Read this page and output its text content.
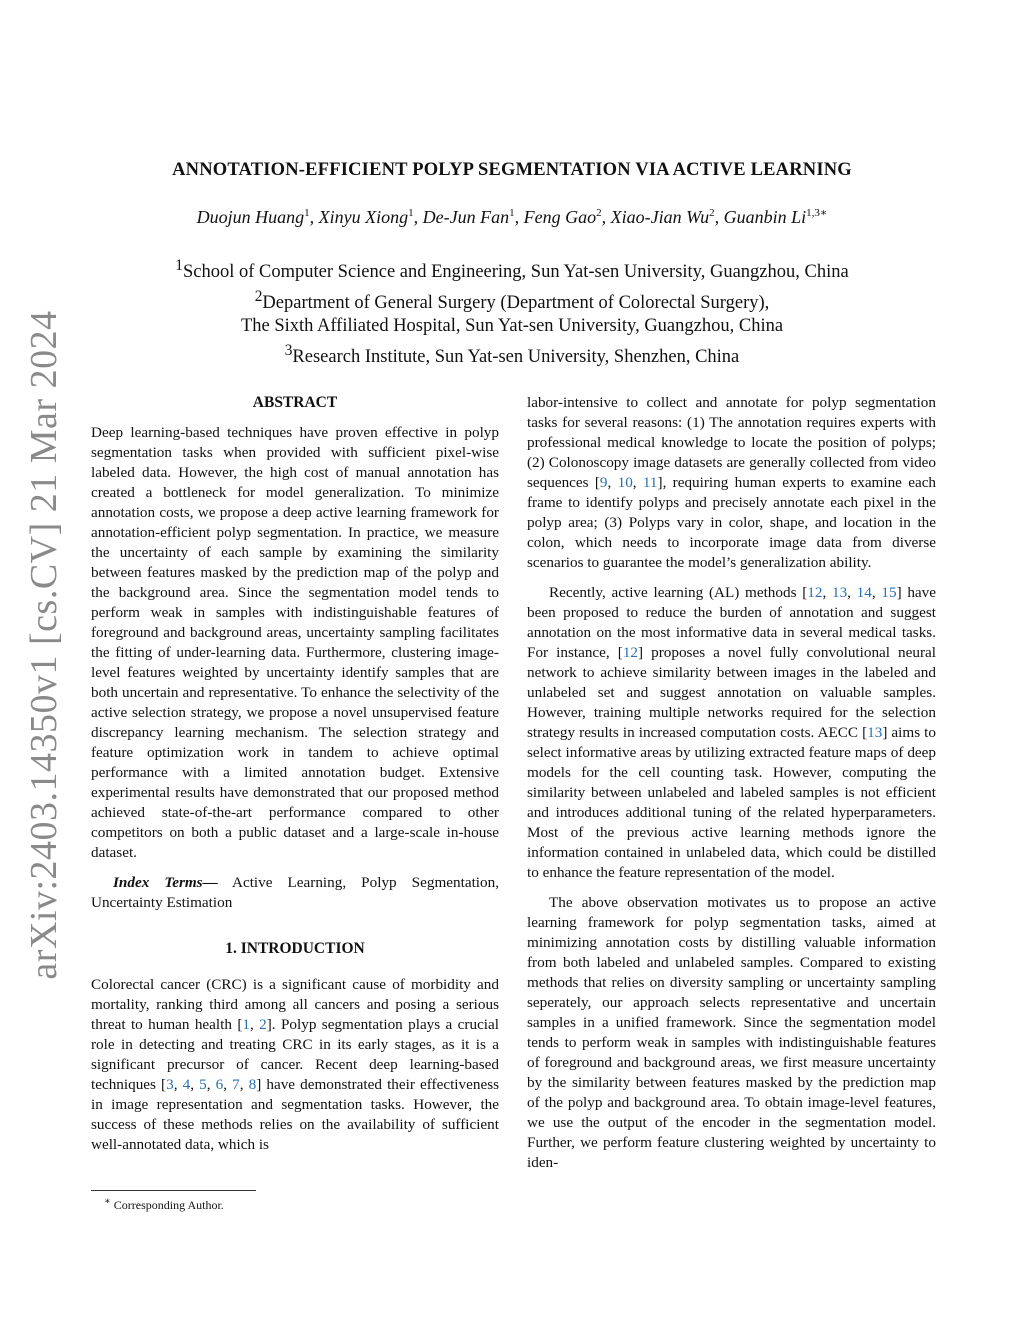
arXiv:2403.14350v1 [cs.CV] 21 Mar 2024
ANNOTATION-EFFICIENT POLYP SEGMENTATION VIA ACTIVE LEARNING
Duojun Huang$^1$, Xinyu Xiong$^1$, De-Jun Fan$^1$, Feng Gao$^2$, Xiao-Jian Wu$^2$, Guanbin $Li^{1,3∗}$
$^1$School of Computer Science and Engineering, Sun Yat-sen University, Guangzhou, China
$^2$Department of General Surgery (Department of Colorectal Surgery),
The Sixth Affiliated Hospital, Sun Yat-sen University, Guangzhou, China
$^3$Research Institute, Sun Yat-sen University, Shenzhen, China
ABSTRACT

Deep learning-based techniques have proven effective in polyp segmentation tasks when provided with sufficient pixel-wise labeled data. However, the high cost of manual annotation has created a bottleneck for model generalization. To minimize annotation costs, we propose a deep active learning framework for annotation-efficient polyp segmentation. In practice, we measure the uncertainty of each sample by examining the similarity between features masked by the prediction map of the polyp and the background area. Since the segmentation model tends to perform weak in samples with indistinguishable features of foreground and background areas, uncertainty sampling facilitates the fitting of under-learning data. Furthermore, clustering image-level features weighted by uncertainty identify samples that are both uncertain and representative. To enhance the selectivity of the active selection strategy, we propose a novel unsupervised feature discrepancy learning mechanism. The selection strategy and feature optimization work in tandem to achieve optimal performance with a limited annotation budget. Extensive experimental results have demonstrated that our proposed method achieved state-of-the-art performance compared to other competitors on both a public dataset and a large-scale in-house dataset.

Index Terms— Active Learning, Polyp Segmentation, Uncertainty Estimation

1. INTRODUCTION

Colorectal cancer (CRC) is a significant cause of morbidity and mortality, ranking third among all cancers and posing a serious threat to human health [1, 2]. Polyp segmentation plays a crucial role in detecting and treating CRC in its early stages, as it is a significant precursor of cancer. Recent deep learning-based techniques [3, 4, 5, 6, 7, 8] have demonstrated their effectiveness in image representation and segmentation tasks. However, the success of these methods relies on the availability of sufficient well-annotated data, which is

labor-intensive to collect and annotate for polyp segmentation tasks for several reasons: (1) The annotation requires experts with professional medical knowledge to locate the position of polyps; (2) Colonoscopy image datasets are generally collected from video sequences [9, 10, 11], requiring human experts to examine each frame to identify polyps and precisely annotate each pixel in the polyp area; (3) Polyps vary in color, shape, and location in the colon, which needs to incorporate image data from diverse scenarios to guarantee the model’s generalization ability.

Recently, active learning (AL) methods [12, 13, 14, 15] have been proposed to reduce the burden of annotation and suggest annotation on the most informative data in several medical tasks. For instance, [12] proposes a novel fully convolutional neural network to achieve similarity between images in the labeled and unlabeled set and suggest annotation on valuable samples. However, training multiple networks required for the selection strategy results in increased computation costs. AECC [13] aims to select informative areas by utilizing extracted feature maps of deep models for the cell counting task. However, computing the similarity between unlabeled and labeled samples is not efficient and introduces additional tuning of the related hyperparameters. Most of the previous active learning methods ignore the information contained in unlabeled data, which could be distilled to enhance the feature representation of the model.

The above observation motivates us to propose an active learning framework for polyp segmentation tasks, aimed at minimizing annotation costs by distilling valuable information from both labeled and unlabeled samples. Compared to existing methods that relies on diversity sampling or uncertainty sampling seperately, our approach selects representative and uncertain samples in a unified framework. Since the segmentation model tends to perform weak in samples with indistinguishable features of foreground and background areas, we first measure uncertainty by the similarity between features masked by the prediction map of the polyp and background area. To obtain image-level features, we use the output of the encoder in the segmentation model. Further, we perform feature clustering weighted by uncertainty to iden-

∗ Corresponding Author.
